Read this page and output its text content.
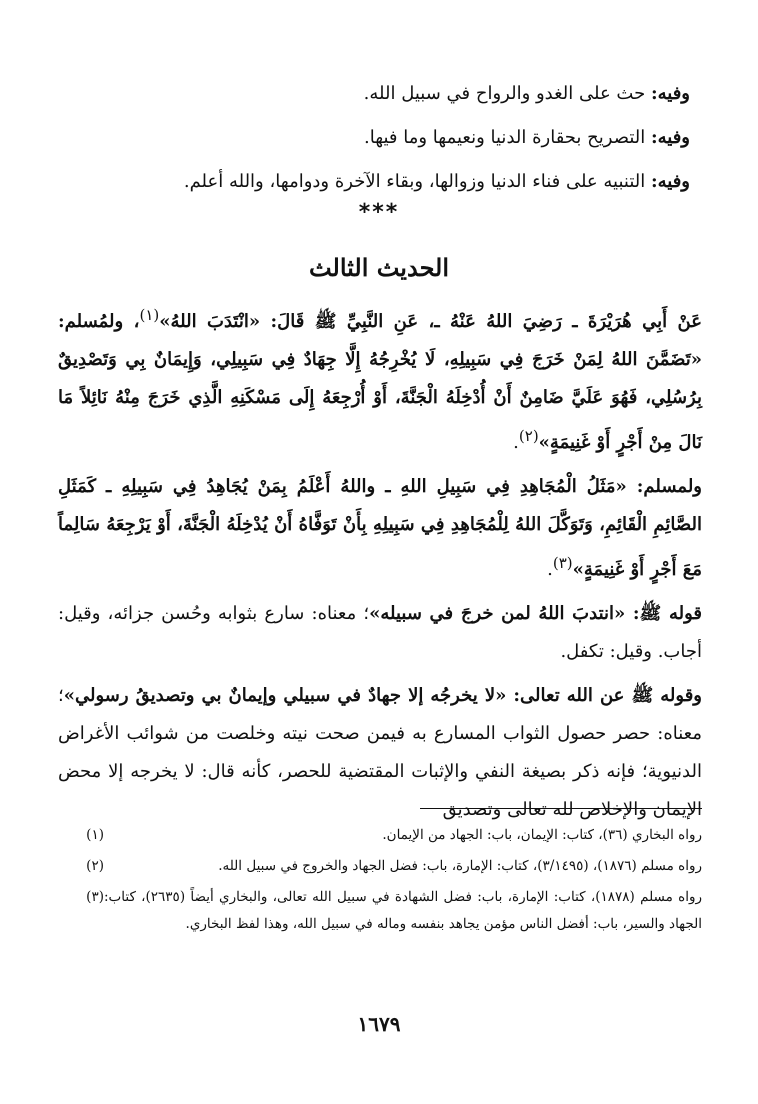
وفيه: حث على الغدو والرواح في سبيل الله.

وفيه: التصريح بحقارة الدنيا ونعيمها وما فيها.

وفيه: التنبيه على فناء الدنيا وزوالها، وبقاء الآخرة ودوامها، والله أعلم.

***
الحديث الثالث

عَنْ أَبِي هُرَيْرَةَ ـ رَضِيَ اللهُ عَنْهُ ـ، عَنِ النَّبِيِّ ﷺ قَالَ: «انْتَدَبَ اللهُ»$^{(١)}$، ولمُسلم: «تَضَمَّنَ اللهُ لِمَنْ خَرَجَ فِي سَبِيلِهِ، لَا يُخْرِجُهُ إِلَّا جِهَادٌ فِي سَبِيلِي، وَإِيمَانٌ بِي وَتَصْدِيقٌ بِرُسُلِي، فَهُوَ عَلَيَّ ضَامِنٌ أَنْ أُدْخِلَهُ الْجَنَّةَ، أَوْ أُرْجِعَهُ إِلَى مَسْكَنِهِ الَّذِي خَرَجَ مِنْهُ نَائِلاً مَا نَالَ مِنْ أَجْرٍ أَوْ غَنِيمَةٍ»$^{(٢)}$.

ولمسلم: «مَثَلُ الْمُجَاهِدِ فِي سَبِيلِ اللهِ ـ واللهُ أَعْلَمُ بِمَنْ يُجَاهِدُ فِي سَبِيلِهِ ـ كَمَثَلِ الصَّائِمِ الْقَائِمِ، وَتَوَكَّلَ اللهُ لِلْمُجَاهِدِ فِي سَبِيلِهِ بِأَنْ تَوَفَّاهُ أَنْ يُدْخِلَهُ الْجَنَّةَ، أَوْ يَرْجِعَهُ سَالِماً مَعَ أَجْرٍ أَوْ غَنِيمَةٍ»$^{(٣)}$.

قوله ﷺ: «انتدبَ اللهُ لمن خرجَ في سبيله»؛ معناه: سارع بثوابه وحُسن جزائه، وقيل: أجاب. وقيل: تكفل.

وقوله ﷺ عن الله تعالى: «لا يخرجُه إلا جهادٌ في سبيلي وإيمانٌ بي وتصديقُ رسولي»؛ معناه: حصر حصول الثواب المسارع به فيمن صحت نيته وخلصت من شوائب الأغراض الدنيوية؛ فإنه ذكر بصيغة النفي والإثبات المقتضية للحصر، كأنه قال: لا يخرجه إلا محض الإيمان والإخلاص لله تعالى وتصديق

(١)	رواه البخاري (٣٦)، كتاب: الإيمان، باب: الجهاد من الإيمان.
(٢)	رواه مسلم (١٨٧٦)، (٣/١٤٩٥)، كتاب: الإمارة، باب: فضل الجهاد والخروج في سبيل الله.
(٣) رواه مسلم (١٨٧٨)، كتاب: الإمارة، باب: فضل الشهادة في سبيل الله تعالى، والبخاري أيضاً (٢٦٣٥)، كتاب: الجهاد والسير، باب: أفضل الناس مؤمن يجاهد بنفسه وماله في سبيل الله، وهذا لفظ البخاري.
١٦٧٩
